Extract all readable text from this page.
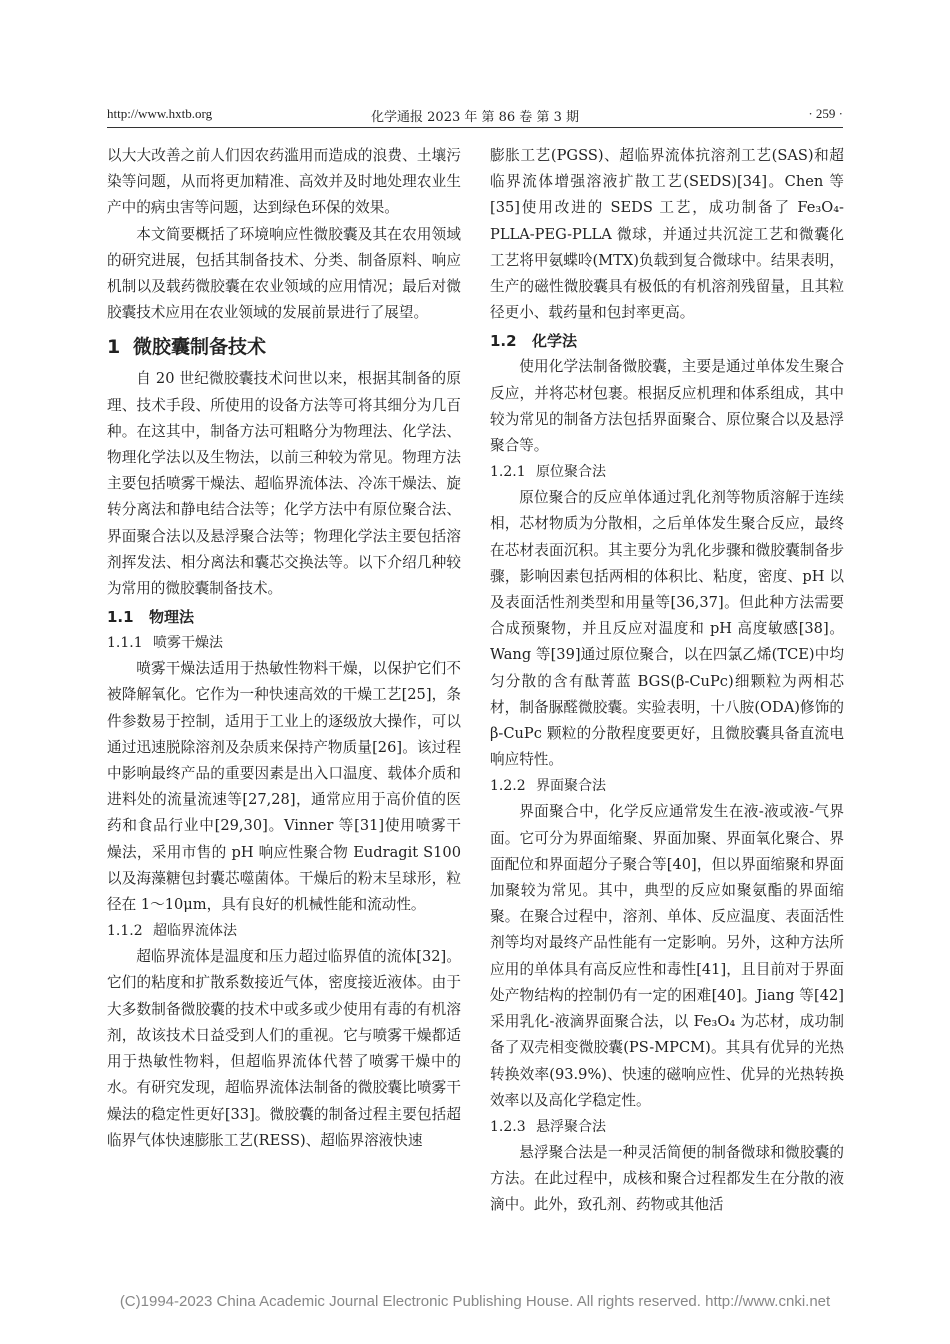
http://www.hxtb.org	化学通报 2023 年 第 86 卷 第 3 期	· 259 ·

以大大改善之前人们因农药滥用而造成的浪费、土壤污染等问题，从而将更加精准、高效并及时地处理农业生产中的病虫害等问题，达到绿色环保的效果。

本文简要概括了环境响应性微胶囊及其在农用领域的研究进展，包括其制备技术、分类、制备原料、响应机制以及载药微胶囊在农业领域的应用情况；最后对微胶囊技术应用在农业领域的发展前景进行了展望。

1 微胶囊制备技术

自 20 世纪微胶囊技术问世以来，根据其制备的原理、技术手段、所使用的设备方法等可将其细分为几百种。在这其中，制备方法可粗略分为物理法、化学法、物理化学法以及生物法，以前三种较为常见。物理方法主要包括喷雾干燥法、超临界流体法、冷冻干燥法、旋转分离法和静电结合法等；化学方法中有原位聚合法、界面聚合法以及悬浮聚合法等；物理化学法主要包括溶剂挥发法、相分离法和囊芯交换法等。以下介绍几种较为常用的微胶囊制备技术。

1.1 物理法
1.1.1 喷雾干燥法

喷雾干燥法适用于热敏性物料干燥，以保护它们不被降解氧化。它作为一种快速高效的干燥工艺[25]，条件参数易于控制，适用于工业上的逐级放大操作，可以通过迅速脱除溶剂及杂质来保持产物质量[26]。该过程中影响最终产品的重要因素是出入口温度、载体介质和进料处的流量流速等[27,28]，通常应用于高价值的医药和食品行业中[29,30]。Vinner 等[31]使用喷雾干燥法，采用市售的 pH 响应性聚合物 Eudragit S100 以及海藻糖包封囊芯噬菌体。干燥后的粉末呈球形，粒径在 1～10μm，具有良好的机械性能和流动性。

1.1.2 超临界流体法

超临界流体是温度和压力超过临界值的流体[32]。它们的粘度和扩散系数接近气体，密度接近液体。由于大多数制备微胶囊的技术中或多或少使用有毒的有机溶剂，故该技术日益受到人们的重视。它与喷雾干燥都适用于热敏性物料，但超临界流体代替了喷雾干燥中的水。有研究发现，超临界流体法制备的微胶囊比喷雾干燥法的稳定性更好[33]。微胶囊的制备过程主要包括超临界气体快速膨胀工艺(RESS)、超临界溶液快速

膨胀工艺(PGSS)、超临界流体抗溶剂工艺(SAS)和超临界流体增强溶液扩散工艺(SEDS)[34]。Chen 等[35]使用改进的 SEDS 工艺，成功制备了 Fe₃O₄-PLLA-PEG-PLLA 微球，并通过共沉淀工艺和微囊化工艺将甲氨蝶呤(MTX)负载到复合微球中。结果表明，生产的磁性微胶囊具有极低的有机溶剂残留量，且其粒径更小、载药量和包封率更高。

1.2 化学法

使用化学法制备微胶囊，主要是通过单体发生聚合反应，并将芯材包裹。根据反应机理和体系组成，其中较为常见的制备方法包括界面聚合、原位聚合以及悬浮聚合等。

1.2.1 原位聚合法

原位聚合的反应单体通过乳化剂等物质溶解于连续相，芯材物质为分散相，之后单体发生聚合反应，最终在芯材表面沉积。其主要分为乳化步骤和微胶囊制备步骤，影响因素包括两相的体积比、粘度，密度、pH 以及表面活性剂类型和用量等[36,37]。但此种方法需要合成预聚物，并且反应对温度和 pH 高度敏感[38]。Wang 等[39]通过原位聚合，以在四氯乙烯(TCE)中均匀分散的含有酞菁蓝 BGS(β-CuPc)细颗粒为两相芯材，制备脲醛微胶囊。实验表明，十八胺(ODA)修饰的 β-CuPc 颗粒的分散程度要更好，且微胶囊具备直流电响应特性。

1.2.2 界面聚合法

界面聚合中，化学反应通常发生在液-液或液-气界面。它可分为界面缩聚、界面加聚、界面氧化聚合、界面配位和界面超分子聚合等[40]，但以界面缩聚和界面加聚较为常见。其中，典型的反应如聚氨酯的界面缩聚。在聚合过程中，溶剂、单体、反应温度、表面活性剂等均对最终产品性能有一定影响。另外，这种方法所应用的单体具有高反应性和毒性[41]，且目前对于界面处产物结构的控制仍有一定的困难[40]。Jiang 等[42]采用乳化-液滴界面聚合法，以 Fe₃O₄ 为芯材，成功制备了双壳相变微胶囊(PS-MPCM)。其具有优异的光热转换效率(93.9%)、快速的磁响应性、优异的光热转换效率以及高化学稳定性。

1.2.3 悬浮聚合法

悬浮聚合法是一种灵活简便的制备微球和微胶囊的方法。在此过程中，成核和聚合过程都发生在分散的液滴中。此外，致孔剂、药物或其他活

(C)1994-2023 China Academic Journal Electronic Publishing House. All rights reserved. http://www.cnki.net
